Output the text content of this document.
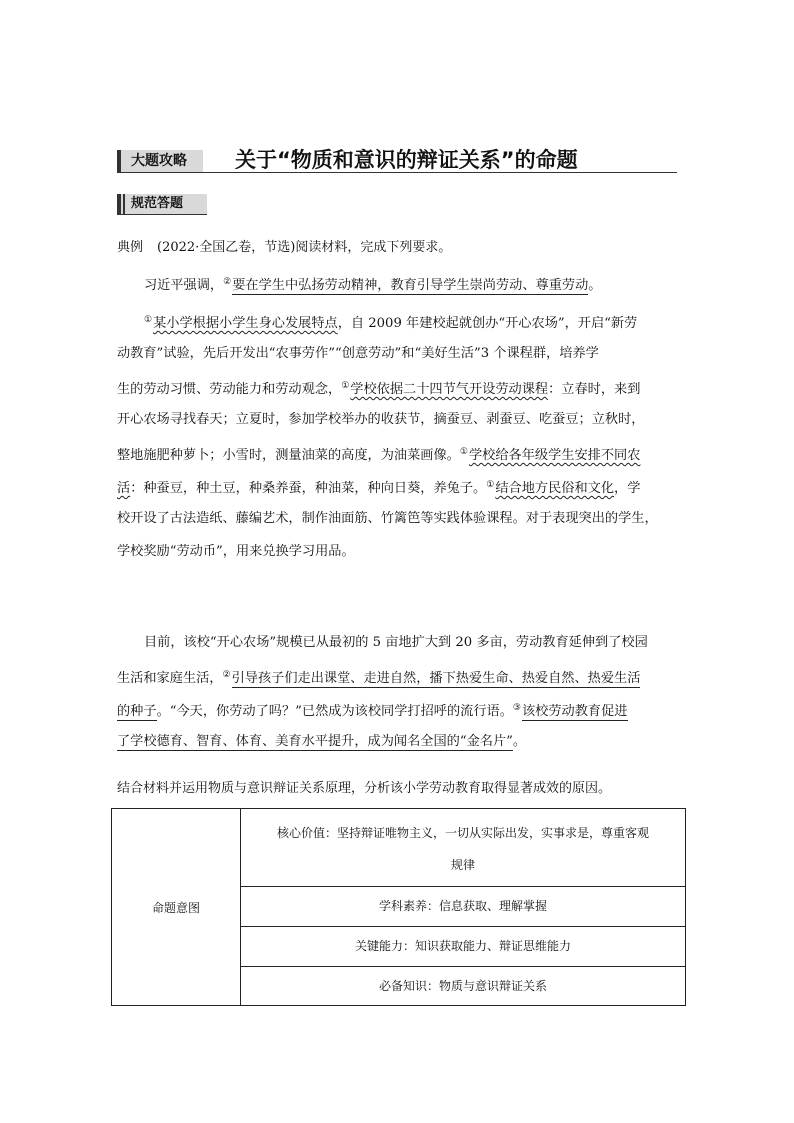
大题攻略 关于“物质和意识的辩证关系”的命题
规范答题
典例 (2022·全国乙卷，节选)阅读材料，完成下列要求。
习近平强调，②要在学生中弘扬劳动精神，教育引导学生崇尚劳动、尊重劳动。
①某小学根据小学生身心发展特点，自 2009 年建校起就创办“开心农场”，开启“新劳
动教育”试验，先后开发出“农事劳作”“创意劳动”和“美好生活”3 个课程群，培养学
生的劳动习惯、劳动能力和劳动观念，①学校依据二十四节气开设劳动课程：立春时，来到
开心农场寻找春天；立夏时，参加学校举办的收获节，摘蚕豆、剥蚕豆、吃蚕豆；立秋时，
整地施肥种萝卜；小雪时，测量油菜的高度，为油菜画像。①学校给各年级学生安排不同农
活：种蚕豆，种土豆，种桑养蚕，种油菜，种向日葵，养兔子。①结合地方民俗和文化，学
校开设了古法造纸、藤编艺术，制作油面筋、竹篱笆等实践体验课程。对于表现突出的学生，
学校奖励“劳动币”，用来兑换学习用品。
目前，该校“开心农场”规模已从最初的 5 亩地扩大到 20 多亩，劳动教育延伸到了校园
生活和家庭生活，②引导孩子们走出课堂、走进自然，播下热爱生命、热爱自然、热爱生活
的种子。“今天，你劳动了吗？”已然成为该校同学打招呼的流行语。③该校劳动教育促进
了学校德育、智育、体育、美育水平提升，成为闻名全国的“金名片”。
结合材料并运用物质与意识辩证关系原理，分析该小学劳动教育取得显著成效的原因。
命题意图
核心价值：坚持辩证唯物主义，一切从实际出发，实事求是，尊重客观
规律
学科素养：信息获取、理解掌握
关键能力：知识获取能力、辩证思维能力
必备知识：物质与意识辩证关系
